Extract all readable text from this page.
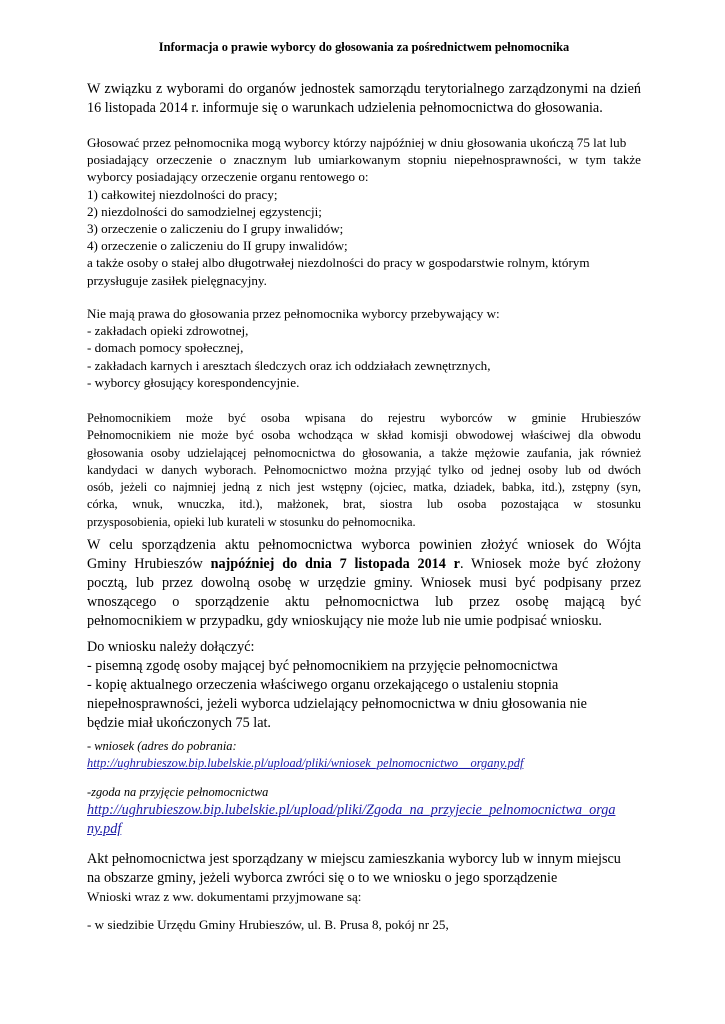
Informacja o prawie wyborcy do głosowania za pośrednictwem pełnomocnika

W związku z wyborami do organów jednostek samorządu terytorialnego zarządzonymi na dzień
16 listopada 2014 r. informuje się o warunkach udzielenia pełnomocnictwa do głosowania.
Głosować przez pełnomocnika mogą wyborcy którzy najpóźniej w dniu głosowania ukończą 75 lat lub
posiadający orzeczenie o znacznym lub umiarkowanym stopniu niepełnosprawności, w tym także
wyborcy posiadający orzeczenie organu rentowego o:
1) całkowitej niezdolności do pracy;
2) niezdolności do samodzielnej egzystencji;
3) orzeczenie o zaliczeniu do I grupy inwalidów;
4) orzeczenie o zaliczeniu do II grupy inwalidów;
a także osoby o stałej albo długotrwałej niezdolności do pracy w gospodarstwie rolnym, którym
przysługuje zasiłek pielęgnacyjny.
Nie mają prawa do głosowania przez pełnomocnika wyborcy przebywający w:
- zakładach opieki zdrowotnej,
- domach pomocy społecznej,
- zakładach karnych i aresztach śledczych oraz ich oddziałach zewnętrznych,
- wyborcy głosujący korespondencyjnie.
Pełnomocnikiem może być osoba wpisana do rejestru wyborców w gminie Hrubieszów
Pełnomocnikiem nie może być osoba wchodząca w skład komisji obwodowej właściwej dla obwodu
głosowania osoby udzielającej pełnomocnictwa do głosowania, a także mężowie zaufania, jak również
kandydaci w danych wyborach. Pełnomocnictwo można przyjąć tylko od jednej osoby lub od dwóch
osób, jeżeli co najmniej jedną z nich jest wstępny (ojciec, matka, dziadek, babka, itd.), zstępny (syn,
córka, wnuk, wnuczka, itd.), małżonek, brat, siostra lub osoba pozostająca w stosunku
przysposobienia, opieki lub kurateli w stosunku do pełnomocnika.
W celu sporządzenia aktu pełnomocnictwa wyborca powinien złożyć wniosek do Wójta
Gminy Hrubieszów najpóźniej do dnia 7 listopada 2014 r. Wniosek może być złożony
pocztą, lub przez dowolną osobę w urzędzie gminy. Wniosek musi być podpisany przez
wnoszącego o sporządzenie aktu pełnomocnictwa lub przez osobę mającą być
pełnomocnikiem w przypadku, gdy wnioskujący nie może lub nie umie podpisać wniosku.
Do wniosku należy dołączyć:
- pisemną zgodę osoby mającej być pełnomocnikiem na przyjęcie pełnomocnictwa
- kopię aktualnego orzeczenia właściwego organu orzekającego o ustaleniu stopnia
niepełnosprawności, jeżeli wyborca udzielający pełnomocnictwa w dniu głosowania nie
będzie miał ukończonych 75 lat.
- wniosek (adres do pobrania:
http://ughrubieszow.bip.lubelskie.pl/upload/pliki/wniosek_pelnomocnictwo__organy.pdf
-zgoda na przyjęcie pełnomocnictwa
http://ughrubieszow.bip.lubelskie.pl/upload/pliki/Zgoda_na_przyjecie_pelnomocnictwa_orga
ny.pdf
Akt pełnomocnictwa jest sporządzany w miejscu zamieszkania wyborcy lub w innym miejscu
na obszarze gminy, jeżeli wyborca zwróci się o to we wniosku o jego sporządzenie
Wnioski wraz z ww. dokumentami przyjmowane są:
- w siedzibie Urzędu Gminy Hrubieszów, ul. B. Prusa 8, pokój nr 25,
